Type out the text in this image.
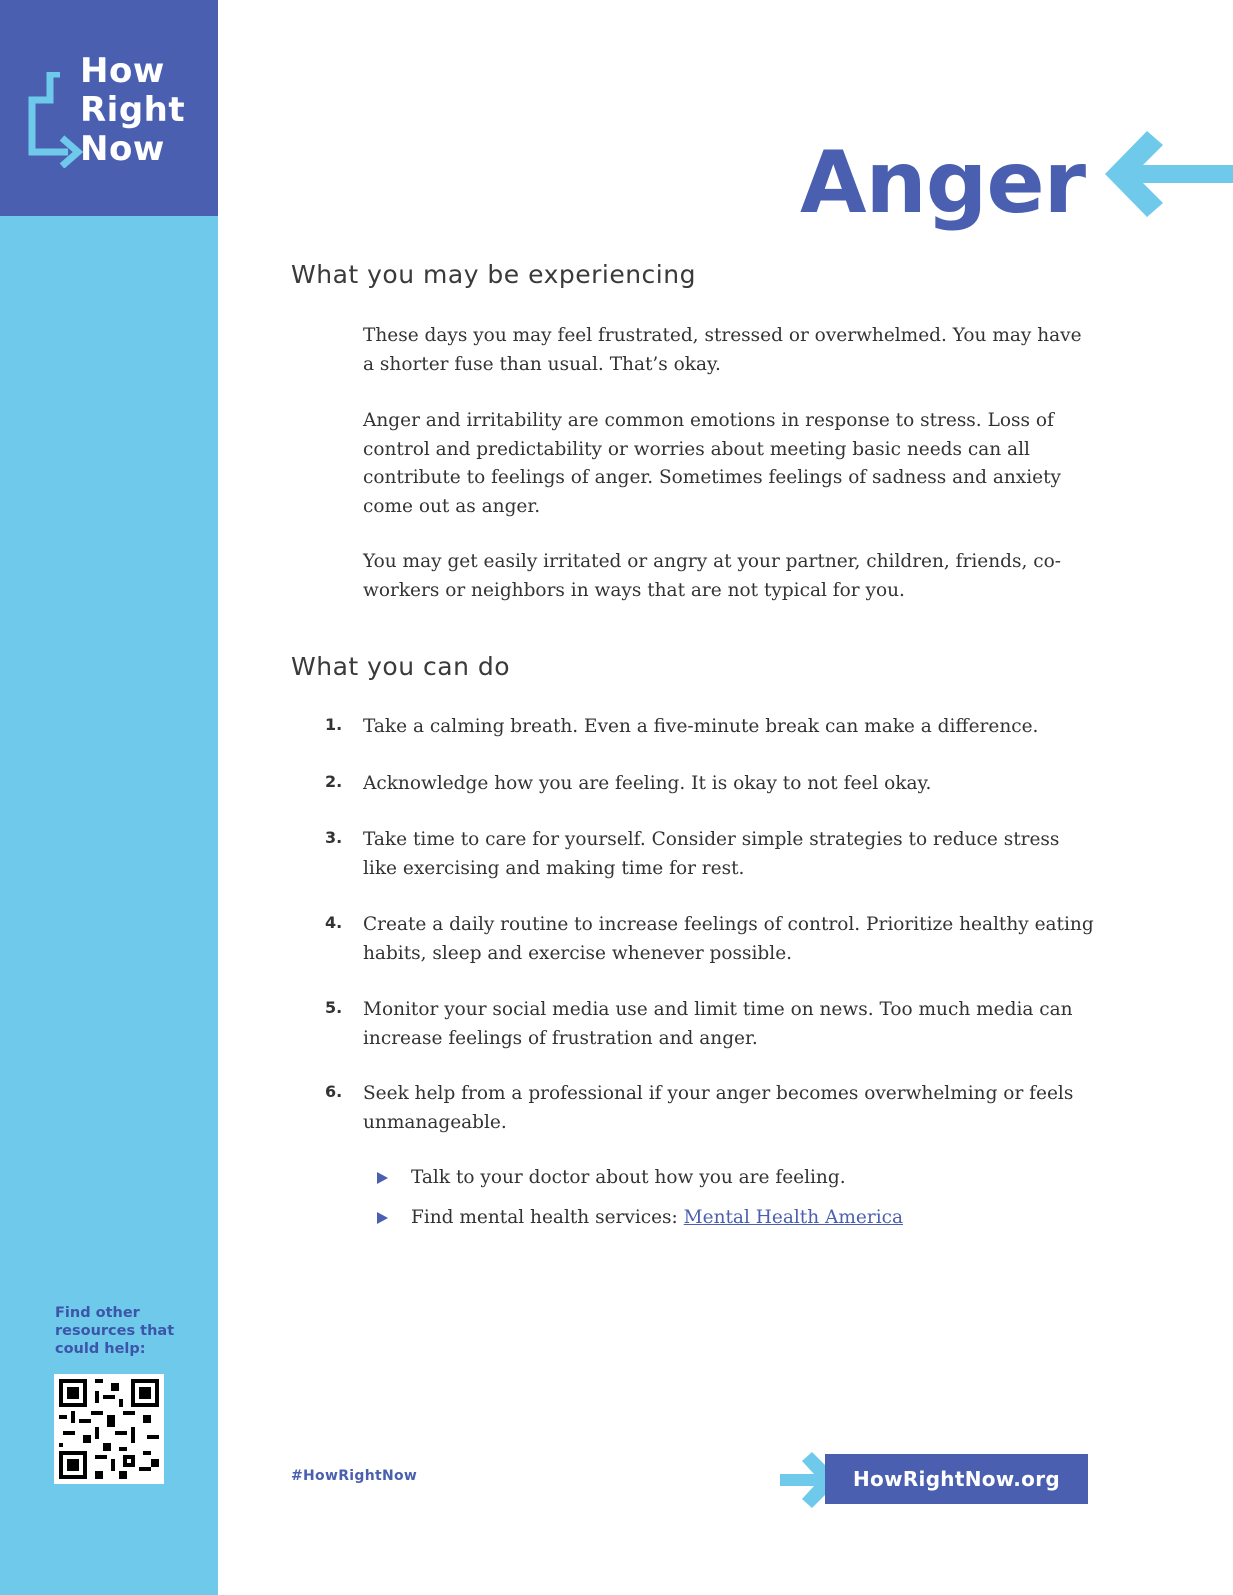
How
Right
Now
Find other resources that could help:
Anger
What you may be experiencing
These days you may feel frustrated, stressed or overwhelmed. You may have a shorter fuse than usual. That’s okay.
Anger and irritability are common emotions in response to stress. Loss of control and predictability or worries about meeting basic needs can all contribute to feelings of anger. Sometimes feelings of sadness and anxiety come out as anger.
You may get easily irritated or angry at your partner, children, friends, co-workers or neighbors in ways that are not typical for you.
What you can do
1. Take a calming breath. Even a five-minute break can make a difference.
2. Acknowledge how you are feeling. It is okay to not feel okay.
3. Take time to care for yourself. Consider simple strategies to reduce stress like exercising and making time for rest.
4. Create a daily routine to increase feelings of control. Prioritize healthy eating habits, sleep and exercise whenever possible.
5. Monitor your social media use and limit time on news. Too much media can increase feelings of frustration and anger.
6. Seek help from a professional if your anger becomes overwhelming or feels unmanageable.
Talk to your doctor about how you are feeling.
Find mental health services: Mental Health America
#HowRightNow	HowRightNow.org
